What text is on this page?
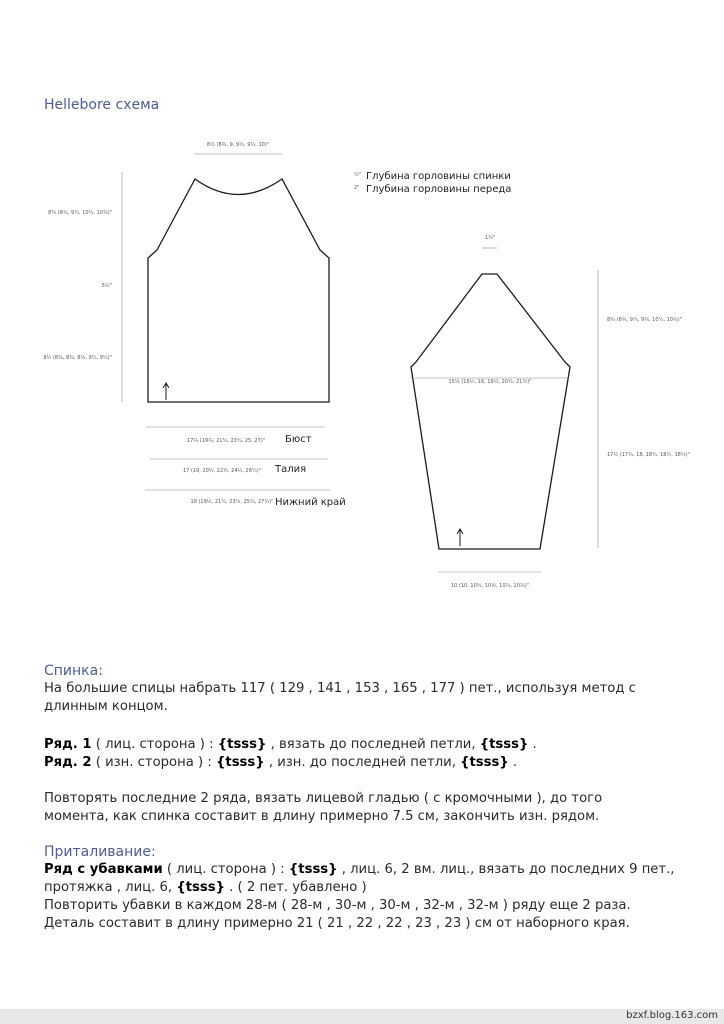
Hellebore схема
8½ (8¾, 9, 9½, 9¾, 10)"
½" Глубина горловины спинки
2" Глубина горловины переда
8¼ (8¾, 9¼, 10¼, 10¾)"
5½"
8½ (8¾, 8¾, 8¾, 9¼, 9¼)"
17¾ (19¾, 21¼, 23¼, 25, 27)" Бюст
17 (19, 20½, 22½, 24½, 26¼)" Талия
18 (19½, 21¼, 23¼, 25¼, 27¾)" Нижний край
1¾"
8¾ (8¾, 9¼, 9¾, 10¼, 10¾)"
15½ (16½, 18, 19½, 20½, 21½)"
17½ (17¾, 18, 18¼, 18½, 18½)"
10 (10, 10½, 10½, 10¾, 10¾)"
Спинка:
На большие спицы набрать 117 ( 129 , 141 , 153 , 165 , 177 ) пет., используя метод с
длинным концом.
Ряд. 1 ( лиц. сторона ) : {tsss} , вязать до последней петли, {tsss} .
Ряд. 2 ( изн. сторона ) : {tsss} , изн. до последней петли, {tsss} .
Повторять последние 2 ряда, вязать лицевой гладью ( с кромочными ), до того
момента, как спинка составит в длину примерно 7.5 см, закончить изн. рядом.
Приталивание:
Ряд с убавками ( лиц. сторона ) : {tsss} , лиц. 6, 2 вм. лиц., вязать до последних 9 пет.,
протяжка , лиц. 6, {tsss} . ( 2 пет. убавлено )
Повторить убавки в каждом 28-м ( 28-м , 30-м , 30-м , 32-м , 32-м ) ряду еще 2 раза.
Деталь составит в длину примерно 21 ( 21 , 22 , 22 , 23 , 23 ) см от наборного края.
bzxf.blog.163.com
